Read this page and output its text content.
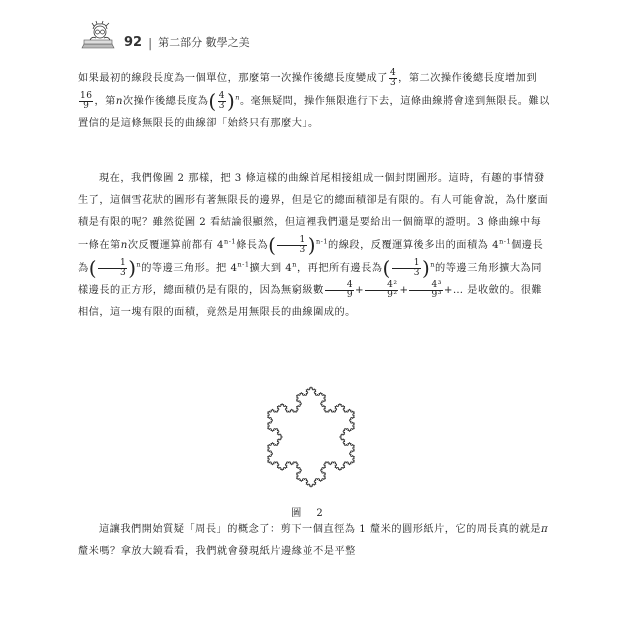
92 | 第二部分 數學之美
如果最初的線段長度為一個單位，那麼第一次操作後總長度變成了 $\frac{4}{3}$ ，第二次操作後總長度增加到
$\frac{16}{9}$ ，第n次操作後總長度為( $\frac{4}{3} )^n$。毫無疑問，操作無限進行下去，這條曲線將會達到無限長。難以置信的是這條無限長的曲線卻「始終只有那麼大」。
現在，我們像圖 2 那樣，把 3 條這樣的曲線首尾相接組成一個封閉圖形。這時，有趣的事情發生了，這個雪花狀的圖形有著無限長的邊界，但是它的總面積卻是有限的。有人可能會說，為什麼面積是有限的呢？雖然從圖 2 看結論很顯然，但這裡我們還是要給出一個簡單的證明。3 條曲線中每一條在第n次反覆運算前都有 4$^{n-1}$條長為( $\frac{1}{3} )^{n-1}$的線段，反覆運算後多出的面積為 4$^{n-1}$個邊長為( $\frac{1}{3} )^n$的等邊三角形。把 4$^{n-1}$擴大到 4$^n$，再把所有邊長為( $\frac{1}{3} )^n$的等邊三角形擴大為同樣邊長的正方形，總面積仍是有限的，因為無窮級數 $\frac{4}{9} + \frac{\text{4²}}{\text{9²}} + \frac{\text{4³}}{\text{9³}}$ +… 是收斂的。很難相信，這一塊有限的面積，竟然是用無限長的曲線圍成的。
圖 2
這讓我們開始質疑「周長」的概念了：剪下一個直徑為 1 釐米的圓形紙片，它的周長真的就是π釐米嗎？拿放大鏡看看，我們就會發現紙片邊緣並不是平整
